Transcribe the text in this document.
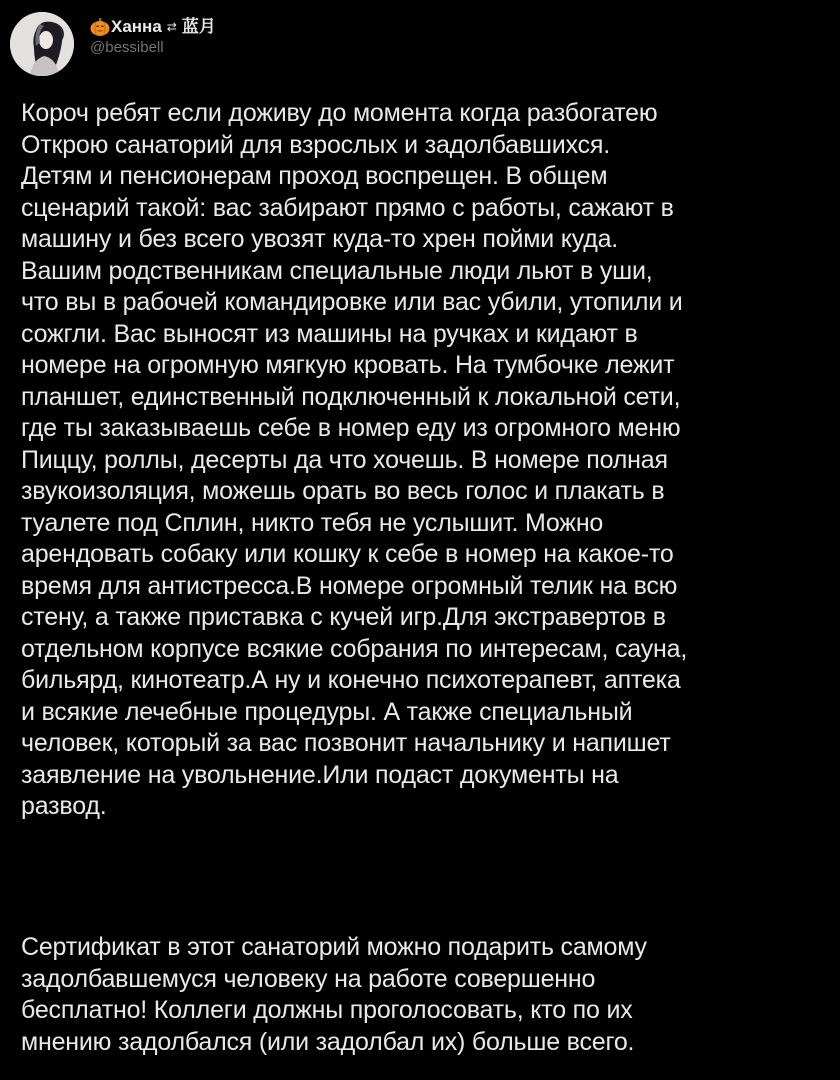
Ханна ⇄ 蓝月
@bessibell
Короч ребят если доживу до момента когда разбогатею
Открою санаторий для взрослых и задолбавшихся.
Детям и пенсионерам проход воспрещен. В общем
сценарий такой: вас забирают прямо с работы, сажают в
машину и без всего увозят куда-то хрен пойми куда.
Вашим родственникам специальные люди льют в уши,
что вы в рабочей командировке или вас убили, утопили и
сожгли. Вас выносят из машины на ручках и кидают в
номере на огромную мягкую кровать. На тумбочке лежит
планшет, единственный подключенный к локальной сети,
где ты заказываешь себе в номер еду из огромного меню
Пиццу, роллы, десерты да что хочешь. В номере полная
звукоизоляция, можешь орать во весь голос и плакать в
туалете под Сплин, никто тебя не услышит. Можно
арендовать собаку или кошку к себе в номер на какое-то
время для антистресса.В номере огромный телик на всю
стену, а также приставка с кучей игр.Для экстравертов в
отдельном корпусе всякие собрания по интересам, сауна,
бильярд, кинотеатр.А ну и конечно психотерапевт, аптека
и всякие лечебные процедуры. А также специальный
человек, который за вас позвонит начальнику и напишет
заявление на увольнение.Или подаст документы на
развод.
Сертификат в этот санаторий можно подарить самому
задолбавшемуся человеку на работе совершенно
бесплатно! Коллеги должны проголосовать, кто по их
мнению задолбался (или задолбал их) больше всего.
